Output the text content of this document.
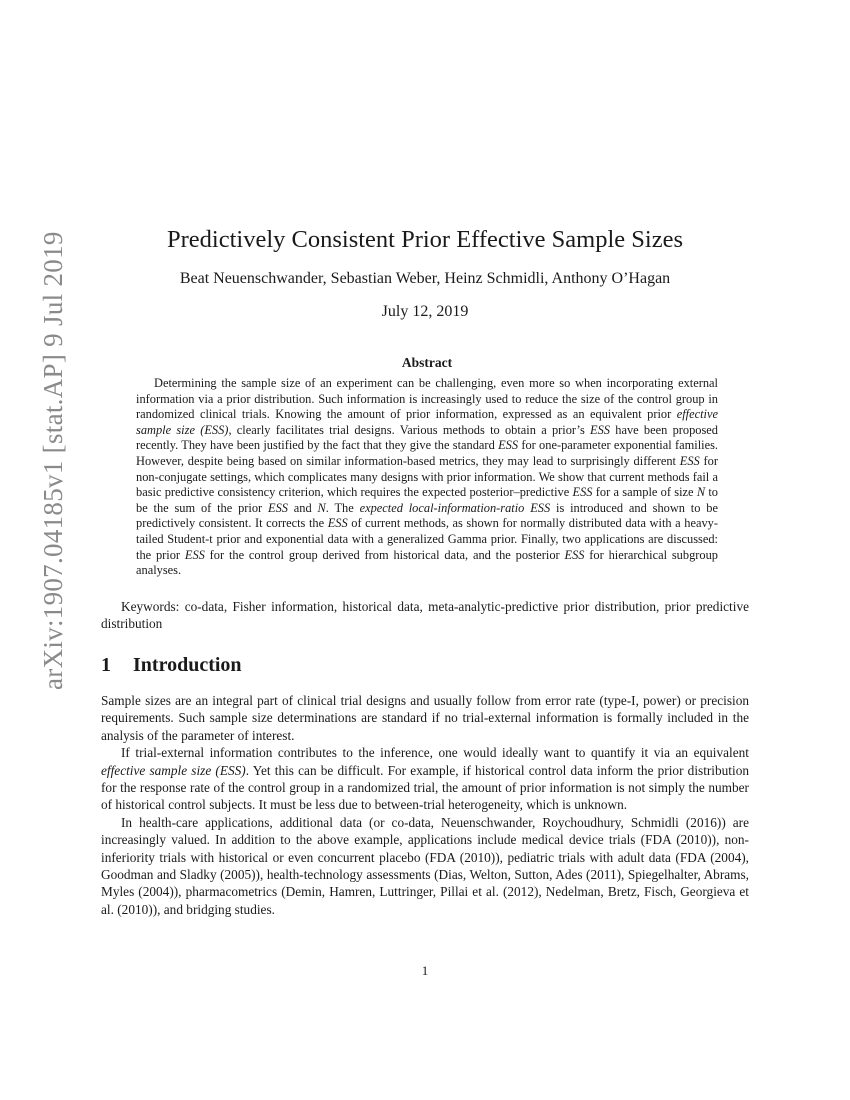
arXiv:1907.04185v1 [stat.AP] 9 Jul 2019	Predictively Consistent Prior Effective Sample Sizes
Beat Neuenschwander, Sebastian Weber, Heinz Schmidli, Anthony O’Hagan
July 12, 2019
Abstract

Determining the sample size of an experiment can be challenging, even more so when incorporating external information via a prior distribution. Such information is increasingly used to reduce the size of the control group in randomized clinical trials. Knowing the amount of prior information, expressed as an equivalent prior effective sample size (ESS), clearly facilitates trial designs. Various methods to obtain a prior’s ESS have been proposed recently. They have been justified by the fact that they give the standard ESS for one-parameter exponential families. However, despite being based on similar information-based metrics, they may lead to surprisingly different ESS for non-conjugate settings, which complicates many designs with prior information. We show that current methods fail a basic predictive consistency criterion, which requires the expected posterior–predictive ESS for a sample of size N to be the sum of the prior ESS and N. The expected local-information-ratio ESS is introduced and shown to be predictively consistent. It corrects the ESS of current methods, as shown for normally distributed data with a heavy-tailed Student-t prior and exponential data with a generalized Gamma prior. Finally, two applications are discussed: the prior ESS for the control group derived from historical data, and the posterior ESS for hierarchical subgroup analyses.

Keywords: co-data, Fisher information, historical data, meta-analytic-predictive prior distribution, prior predictive distribution

1 Introduction

Sample sizes are an integral part of clinical trial designs and usually follow from error rate (type-I, power) or precision requirements. Such sample size determinations are standard if no trial-external information is formally included in the analysis of the parameter of interest.

If trial-external information contributes to the inference, one would ideally want to quantify it via an equivalent effective sample size (ESS). Yet this can be difficult. For example, if historical control data inform the prior distribution for the response rate of the control group in a randomized trial, the amount of prior information is not simply the number of historical control subjects. It must be less due to between-trial heterogeneity, which is unknown.

In health-care applications, additional data (or co-data, Neuenschwander, Roychoudhury, Schmidli (2016)) are increasingly valued. In addition to the above example, applications include medical device trials (FDA (2010)), non-inferiority trials with historical or even concurrent placebo (FDA (2010)), pediatric trials with adult data (FDA (2004), Goodman and Sladky (2005)), health-technology assessments (Dias, Welton, Sutton, Ades (2011), Spiegelhalter, Abrams, Myles (2004)), pharmacometrics (Demin, Hamren, Luttringer, Pillai et al. (2012), Nedelman, Bretz, Fisch, Georgieva et al. (2010)), and bridging studies.

1
